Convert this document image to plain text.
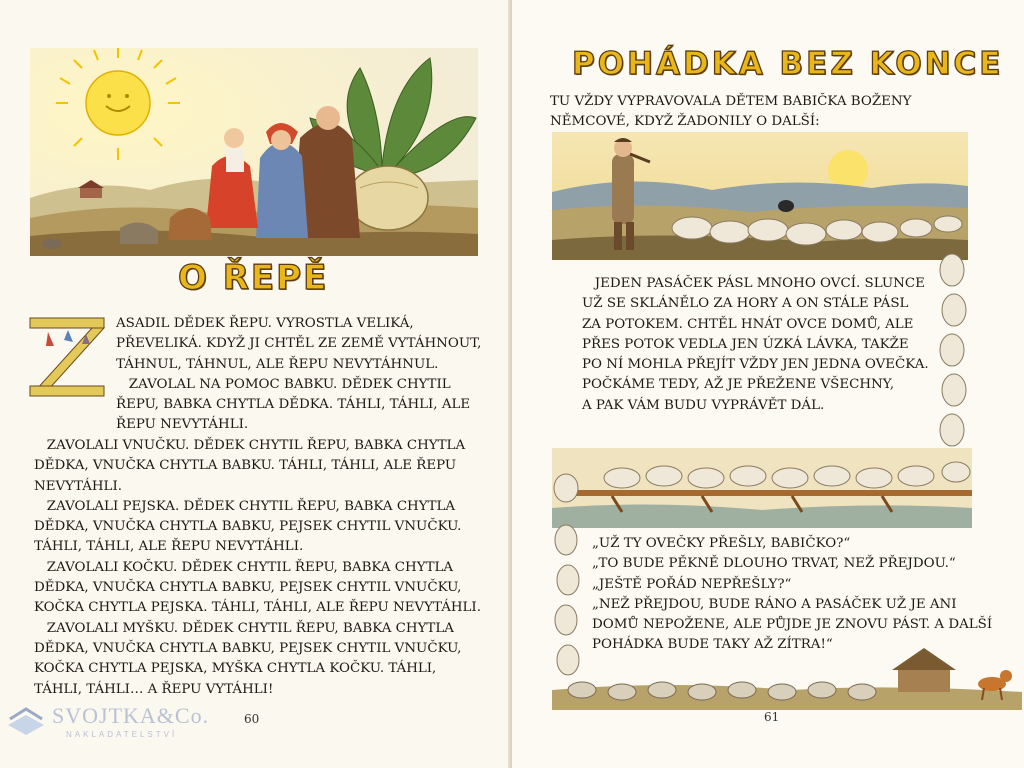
O ŘEPĚ
ASADIL DĚDEK ŘEPU. VYROSTLA VELIKÁ,
PŘEVELIKÁ. KDYŽ JI CHTĚL ZE ZEMĚ VYTÁHNOUT,
TÁHNUL, TÁHNUL, ALE ŘEPU NEVYTÁHNUL.
ZAVOLAL NA POMOC BABKU. DĚDEK CHYTIL
ŘEPU, BABKA CHYTLA DĚDKA. TÁHLI, TÁHLI, ALE
ŘEPU NEVYTÁHLI.
ZAVOLALI VNUČKU. DĚDEK CHYTIL ŘEPU, BABKA CHYTLA
DĚDKA, VNUČKA CHYTLA BABKU. TÁHLI, TÁHLI, ALE ŘEPU
NEVYTÁHLI.
ZAVOLALI PEJSKA. DĚDEK CHYTIL ŘEPU, BABKA CHYTLA
DĚDKA, VNUČKA CHYTLA BABKU, PEJSEK CHYTIL VNUČKU.
TÁHLI, TÁHLI, ALE ŘEPU NEVYTÁHLI.
ZAVOLALI KOČKU. DĚDEK CHYTIL ŘEPU, BABKA CHYTLA
DĚDKA, VNUČKA CHYTLA BABKU, PEJSEK CHYTIL VNUČKU,
KOČKA CHYTLA PEJSKA. TÁHLI, TÁHLI, ALE ŘEPU NEVYTÁHLI.
ZAVOLALI MYŠKU. DĚDEK CHYTIL ŘEPU, BABKA CHYTLA
DĚDKA, VNUČKA CHYTLA BABKU, PEJSEK CHYTIL VNUČKU,
KOČKA CHYTLA PEJSKA, MYŠKA CHYTLA KOČKU. TÁHLI,
TÁHLI, TÁHLI… A ŘEPU VYTÁHLI!
60
SVOJTKA&Co.
NAKLADATELSTVÍ
POHÁDKA BEZ KONCE
TU VŽDY VYPRAVOVALA DĚTEM BABIČKA BOŽENY
NĚMCOVÉ, KDYŽ ŽADONILY O DALŠÍ:
JEDEN PASÁČEK PÁSL MNOHO OVCÍ. SLUNCE
UŽ SE SKLÁNĚLO ZA HORY A ON STÁLE PÁSL
ZA POTOKEM. CHTĚL HNÁT OVCE DOMŮ, ALE
PŘES POTOK VEDLA JEN ÚZKÁ LÁVKA, TAKŽE
PO NÍ MOHLA PŘEJÍT VŽDY JEN JEDNA OVEČKA.
POČKÁME TEDY, AŽ JE PŘEŽENE VŠECHNY,
A PAK VÁM BUDU VYPRÁVĚT DÁL.
„UŽ TY OVEČKY PŘEŠLY, BABIČKO?“
„TO BUDE PĚKNĚ DLOUHO TRVAT, NEŽ PŘEJDOU.“
„JEŠTĚ POŘÁD NEPŘEŠLY?“
„NEŽ PŘEJDOU, BUDE RÁNO A PASÁČEK UŽ JE ANI
DOMŮ NEPOŽENE, ALE PŮJDE JE ZNOVU PÁST. A DALŠÍ
POHÁDKA BUDE TAKY AŽ ZÍTRA!“
61
